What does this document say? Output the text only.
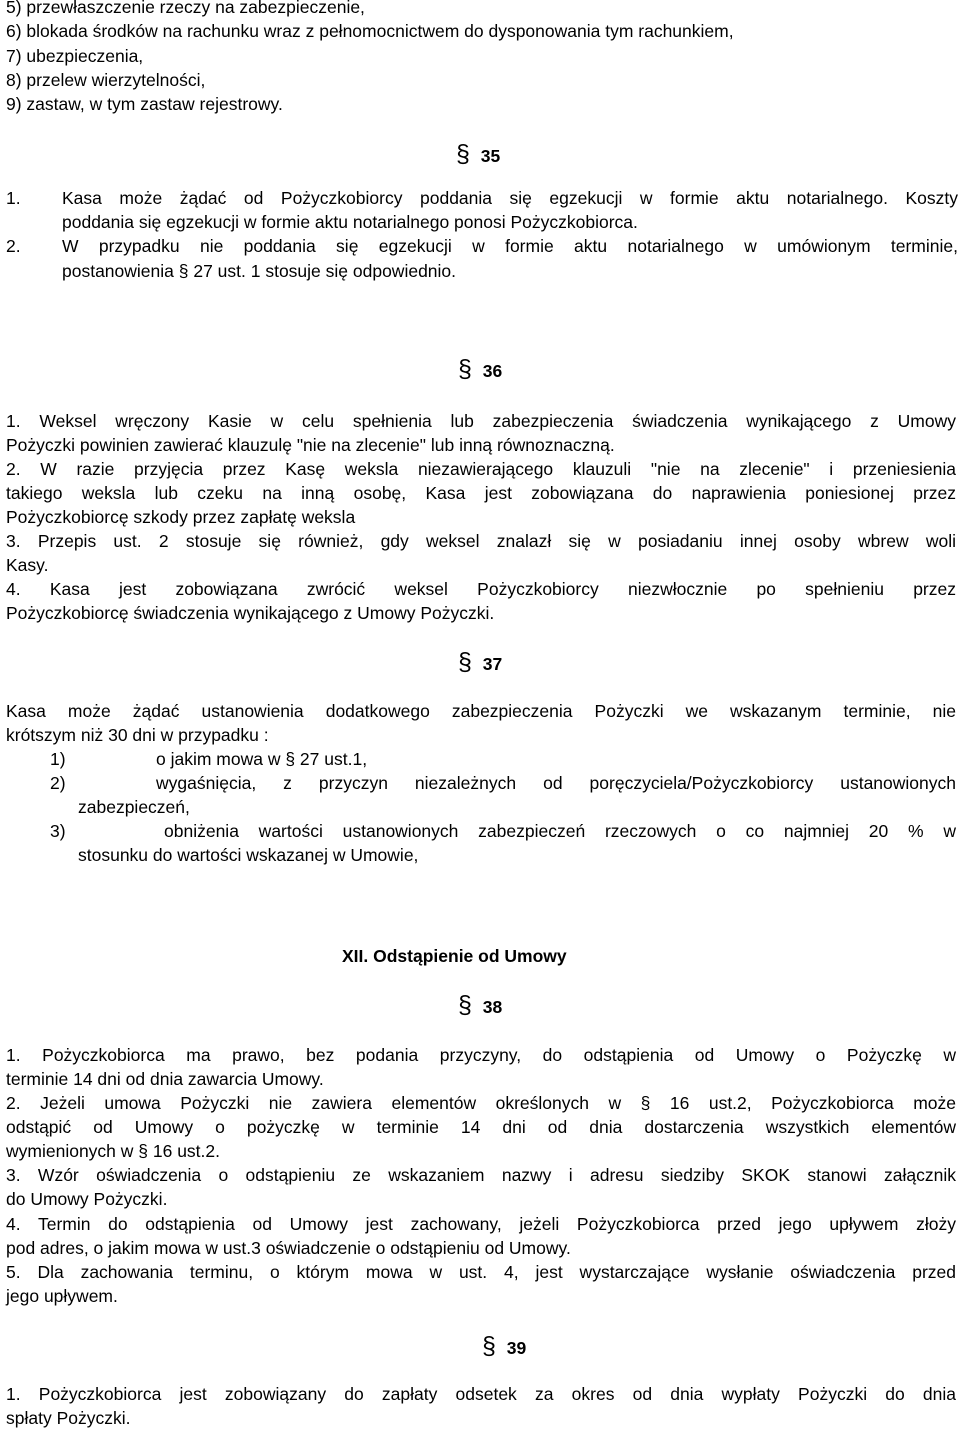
5) przewłaszczenie rzeczy na zabezpieczenie,
6) blokada środków na rachunku wraz z pełnomocnictwem do dysponowania tym rachunkiem,
7) ubezpieczenia,
8) przelew wierzytelności,
9) zastaw, w tym zastaw rejestrowy.
§ 35
1. Kasa może żądać od Pożyczkobiorcy poddania się egzekucji w formie aktu notarialnego. Koszty
poddania się egzekucji w formie aktu notarialnego ponosi Pożyczkobiorca.
2. W przypadku nie poddania się egzekucji w formie aktu notarialnego w umówionym terminie,
postanowienia § 27 ust. 1 stosuje się odpowiednio.
§ 36
1. Weksel wręczony Kasie w celu spełnienia lub zabezpieczenia świadczenia wynikającego z Umowy
Pożyczki powinien zawierać klauzulę "nie na zlecenie" lub inną równoznaczną.
2. W razie przyjęcia przez Kasę weksla niezawierającego klauzuli "nie na zlecenie" i przeniesienia
takiego weksla lub czeku na inną osobę, Kasa jest zobowiązana do naprawienia poniesionej przez
Pożyczkobiorcę szkody przez zapłatę weksla
3. Przepis ust. 2 stosuje się również, gdy weksel znalazł się w posiadaniu innej osoby wbrew woli
Kasy.
4. Kasa jest zobowiązana zwrócić weksel Pożyczkobiorcy niezwłocznie po spełnieniu przez
Pożyczkobiorcę świadczenia wynikającego z Umowy Pożyczki.
§ 37
Kasa może żądać ustanowienia dodatkowego zabezpieczenia Pożyczki we wskazanym terminie, nie
krótszym niż 30 dni w przypadku :
1)	o jakim mowa w § 27 ust.1,
2)	wygaśnięcia, z przyczyn niezależnych od poręczyciela/Pożyczkobiorcy ustanowionych
zabezpieczeń,
3)	obniżenia wartości ustanowionych zabezpieczeń rzeczowych o co najmniej 20 % w
stosunku do wartości wskazanej w Umowie,
XII. Odstąpienie od Umowy
§ 38
1. Pożyczkobiorca ma prawo, bez podania przyczyny, do odstąpienia od Umowy o Pożyczkę w
terminie 14 dni od dnia zawarcia Umowy.
2. Jeżeli umowa Pożyczki nie zawiera elementów określonych w § 16 ust.2, Pożyczkobiorca może
odstąpić od Umowy o pożyczkę w terminie 14 dni od dnia dostarczenia wszystkich elementów
wymienionych w § 16 ust.2.
3. Wzór oświadczenia o odstąpieniu ze wskazaniem nazwy i adresu siedziby SKOK stanowi załącznik
do Umowy Pożyczki.
4. Termin do odstąpienia od Umowy jest zachowany, jeżeli Pożyczkobiorca przed jego upływem złoży
pod adres, o jakim mowa w ust.3 oświadczenie o odstąpieniu od Umowy.
5. Dla zachowania terminu, o którym mowa w ust. 4, jest wystarczające wysłanie oświadczenia przed
jego upływem.
§ 39
1. Pożyczkobiorca jest zobowiązany do zapłaty odsetek za okres od dnia wypłaty Pożyczki do dnia
spłaty Pożyczki.
